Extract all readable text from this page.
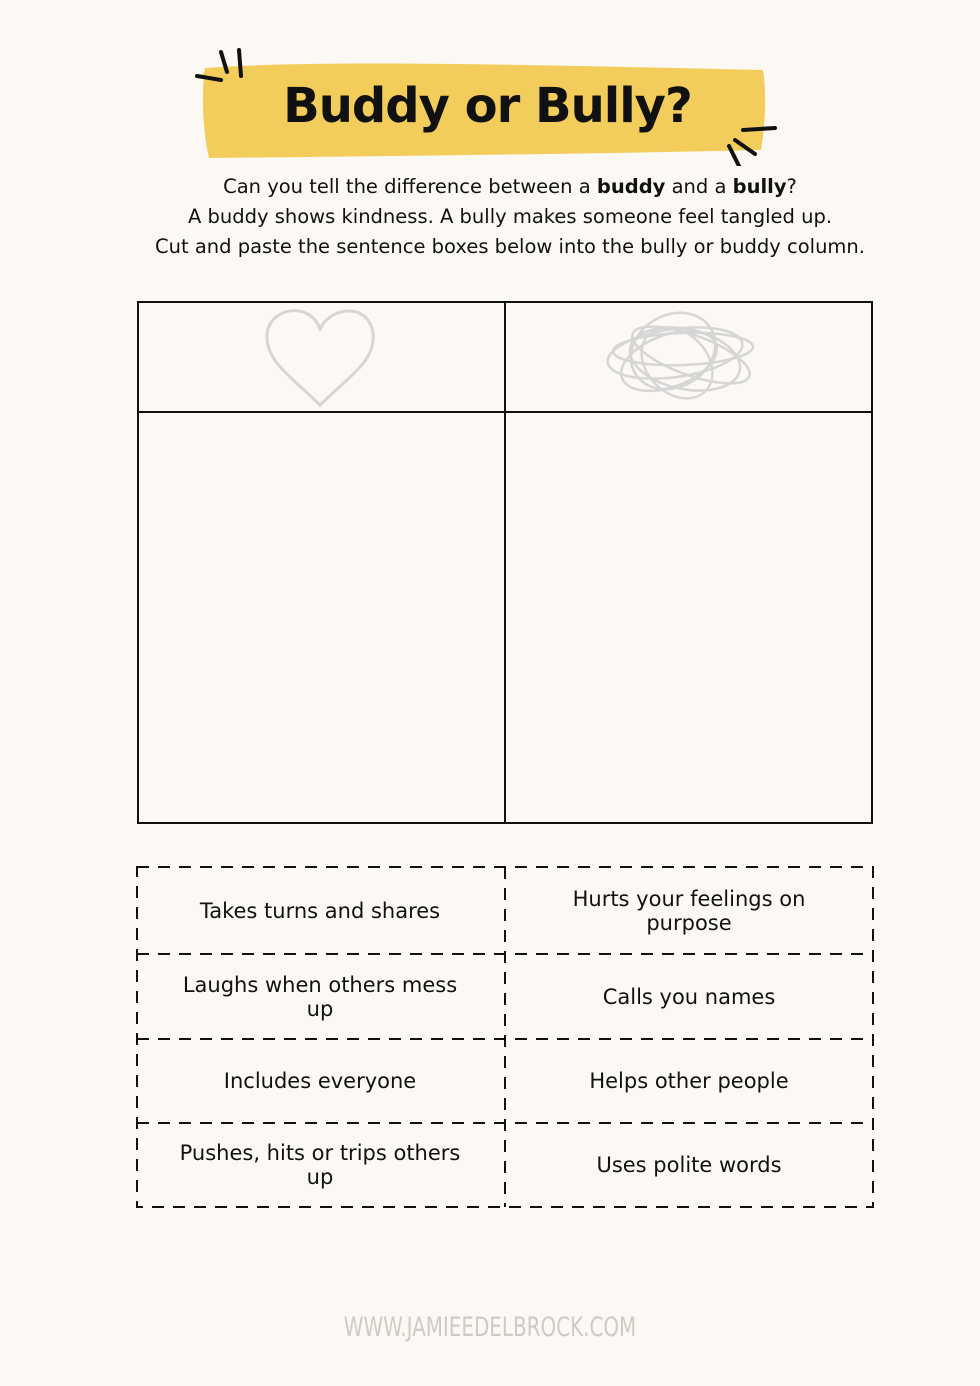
Buddy or Bully?
Can you tell the difference between a buddy and a bully?
A buddy shows kindness. A bully makes someone feel tangled up.
Cut and paste the sentence boxes below into the bully or buddy column.
Takes turns and shares	Hurts your feelings on purpose
Laughs when others mess up	Calls you names
Includes everyone	Helps other people
Pushes, hits or trips others up	Uses polite words
WWW.JAMIEEDELBROCK.COM
